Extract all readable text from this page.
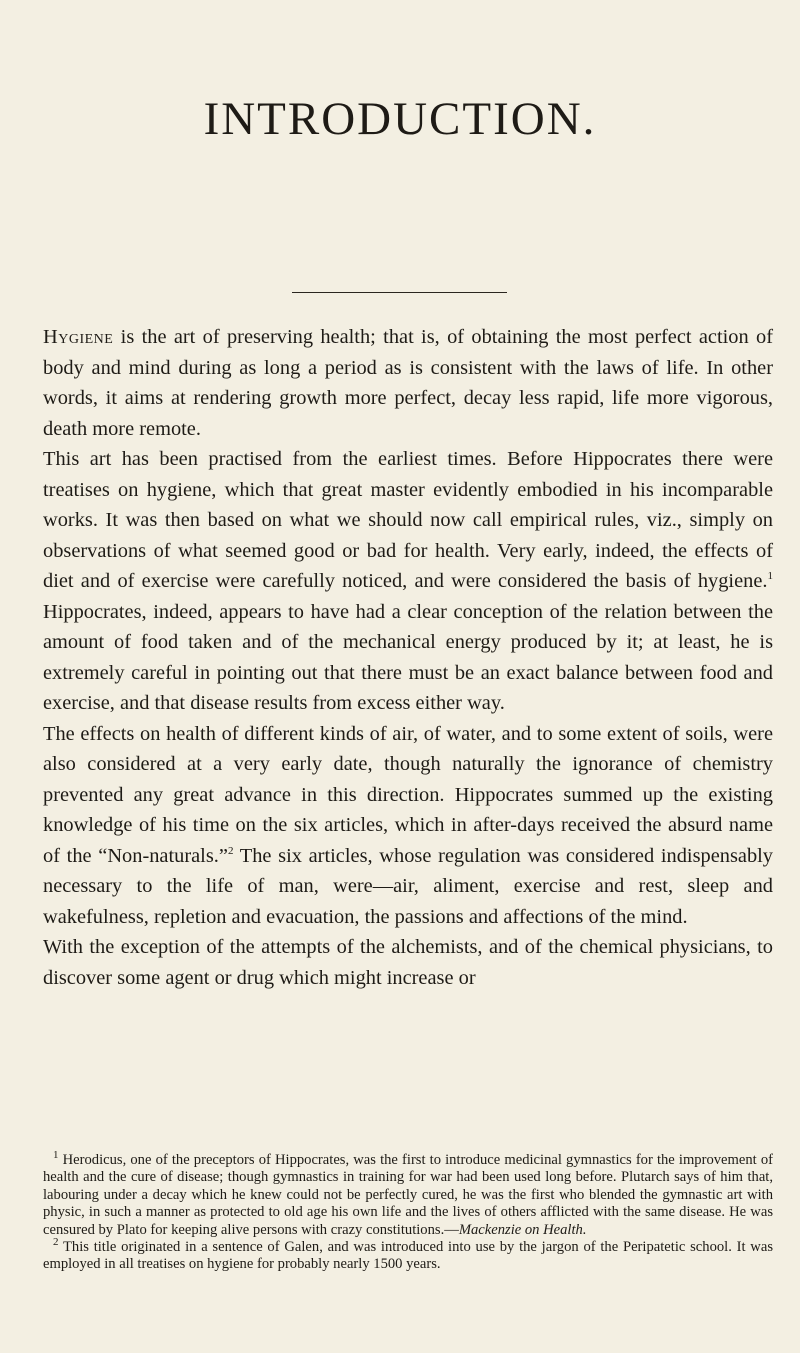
INTRODUCTION.

Hygiene is the art of preserving health; that is, of obtaining the most perfect action of body and mind during as long a period as is consistent with the laws of life. In other words, it aims at rendering growth more perfect, decay less rapid, life more vigorous, death more remote.

This art has been practised from the earliest times. Before Hippocrates there were treatises on hygiene, which that great master evidently embodied in his incomparable works. It was then based on what we should now call empirical rules, viz., simply on observations of what seemed good or bad for health. Very early, indeed, the effects of diet and of exercise were carefully noticed, and were considered the basis of hygiene.$^1$ Hippocrates, indeed, appears to have had a clear conception of the relation between the amount of food taken and of the mechanical energy produced by it; at least, he is extremely careful in pointing out that there must be an exact balance between food and exercise, and that disease results from excess either way.

The effects on health of different kinds of air, of water, and to some extent of soils, were also considered at a very early date, though naturally the ignorance of chemistry prevented any great advance in this direction. Hippocrates summed up the existing knowledge of his time on the six articles, which in after-days received the absurd name of the “Non-naturals.”$^2$ The six articles, whose regulation was considered indispensably necessary to the life of man, were—air, aliment, exercise and rest, sleep and wakefulness, repletion and evacuation, the passions and affections of the mind.

With the exception of the attempts of the alchemists, and of the chemical physicians, to discover some agent or drug which might increase or

$^1$ Herodicus, one of the preceptors of Hippocrates, was the first to introduce medicinal gymnastics for the improvement of health and the cure of disease; though gymnastics in training for war had been used long before. Plutarch says of him that, labouring under a decay which he knew could not be perfectly cured, he was the first who blended the gymnastic art with physic, in such a manner as protected to old age his own life and the lives of others afflicted with the same disease. He was censured by Plato for keeping alive persons with crazy constitutions.—Mackenzie on Health.

$^2$ This title originated in a sentence of Galen, and was introduced into use by the jargon of the Peripatetic school. It was employed in all treatises on hygiene for probably nearly 1500 years.
